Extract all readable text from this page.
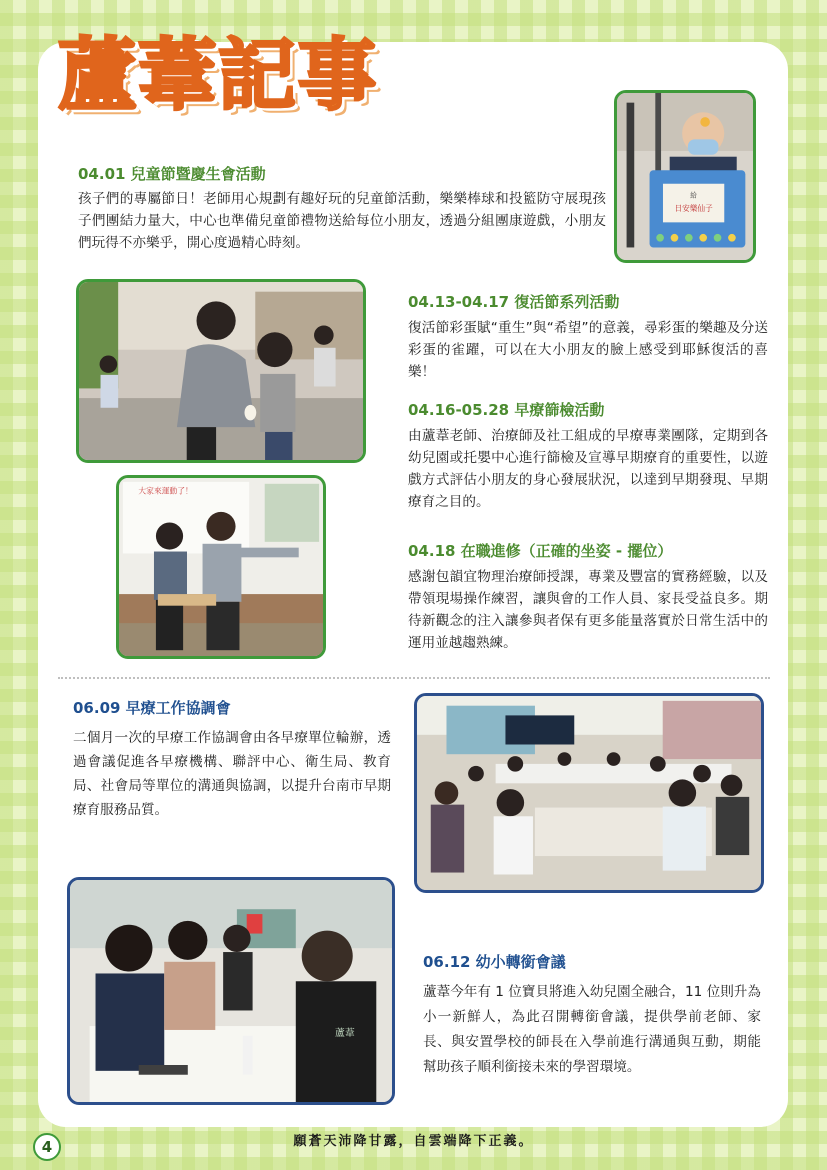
蘆葦記事
04.01 兒童節暨慶生會活動

孩子們的專屬節日！老師用心規劃有趣好玩的兒童節活動，樂樂棒球和投籃防守展現孩子們團結力量大，中心也準備兒童節禮物送給每位小朋友，透過分組團康遊戲，小朋友們玩得不亦樂乎，開心度過精心時刻。

給
日安樂仙子
04.13-04.17 復活節系列活動

復活節彩蛋賦“重生”與“希望”的意義，尋彩蛋的樂趣及分送彩蛋的雀躍，可以在大小朋友的臉上感受到耶穌復活的喜樂！

04.16-05.28 早療篩檢活動

由蘆葦老師、治療師及社工組成的早療專業團隊，定期到各幼兒園或托嬰中心進行篩檢及宣導早期療育的重要性，以遊戲方式評估小朋友的身心發展狀況，以達到早期發現、早期療育之目的。

大家來運動了！
04.18 在職進修（正確的坐姿 - 擺位）

感謝包韻宜物理治療師授課，專業及豐富的實務經驗，以及帶領現場操作練習，讓與會的工作人員、家長受益良多。期待新觀念的注入讓參與者保有更多能量落實於日常生活中的運用並越趨熟練。

06.09 早療工作協調會

二個月一次的早療工作協調會由各早療單位輪辦，透過會議促進各早療機構、聯評中心、衛生局、教育局、社會局等單位的溝通與協調，以提升台南市早期療育服務品質。

蘆葦
06.12 幼小轉銜會議

蘆葦今年有 1 位寶貝將進入幼兒園全融合，11 位則升為小一新鮮人，為此召開轉銜會議，提供學前老師、家長、與安置學校的師長在入學前進行溝通與互動，期能幫助孩子順利銜接未來的學習環境。

4	願蒼天沛降甘露，自雲端降下正義。
